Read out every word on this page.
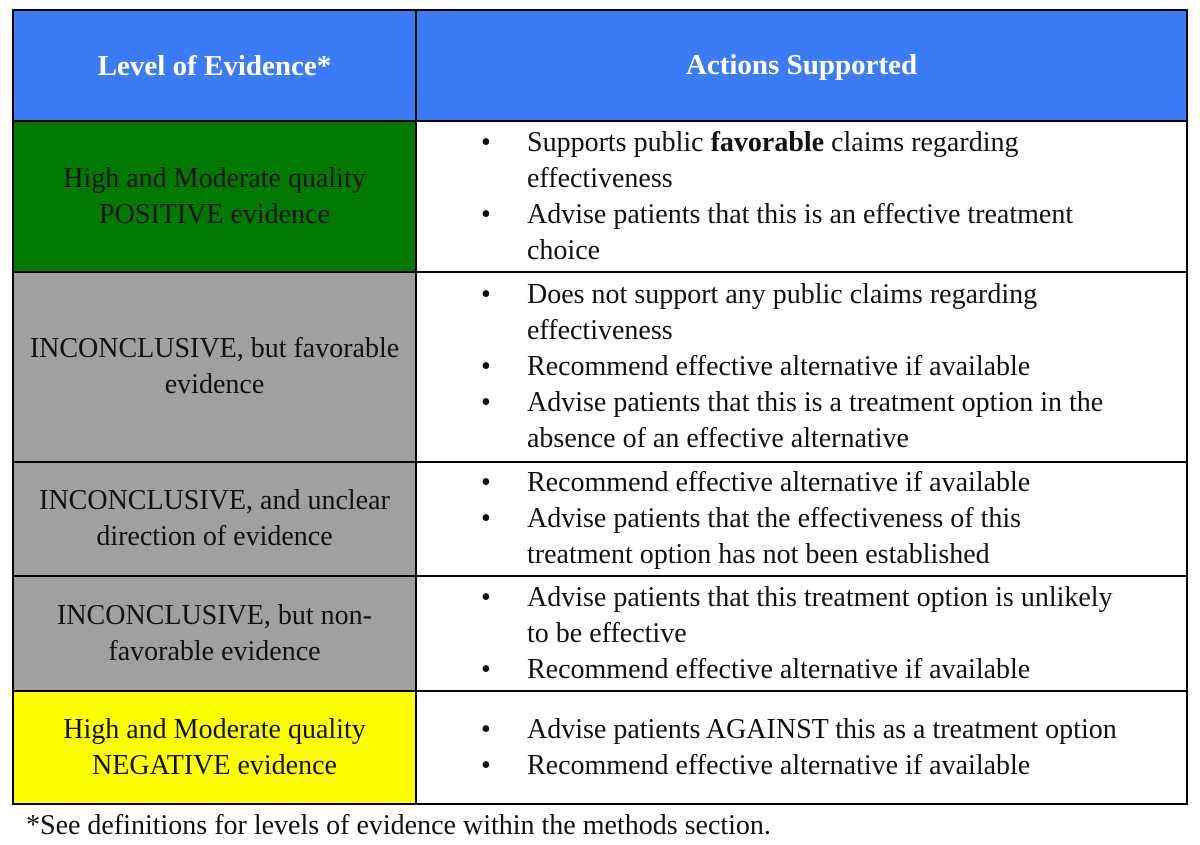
Level of Evidence*	Actions Supported
High and Moderate quality POSITIVE evidence
• Supports public favorable claims regarding effectiveness
• Advise patients that this is an effective treatment choice
INCONCLUSIVE, but favorable evidence
• Does not support any public claims regarding effectiveness
• Recommend effective alternative if available
• Advise patients that this is a treatment option in the absence of an effective alternative
INCONCLUSIVE, and unclear direction of evidence
• Recommend effective alternative if available
• Advise patients that the effectiveness of this treatment option has not been established
INCONCLUSIVE, but non-favorable evidence
• Advise patients that this treatment option is unlikely to be effective
• Recommend effective alternative if available
High and Moderate quality NEGATIVE evidence
• Advise patients AGAINST this as a treatment option
• Recommend effective alternative if available
*See definitions for levels of evidence within the methods section.
